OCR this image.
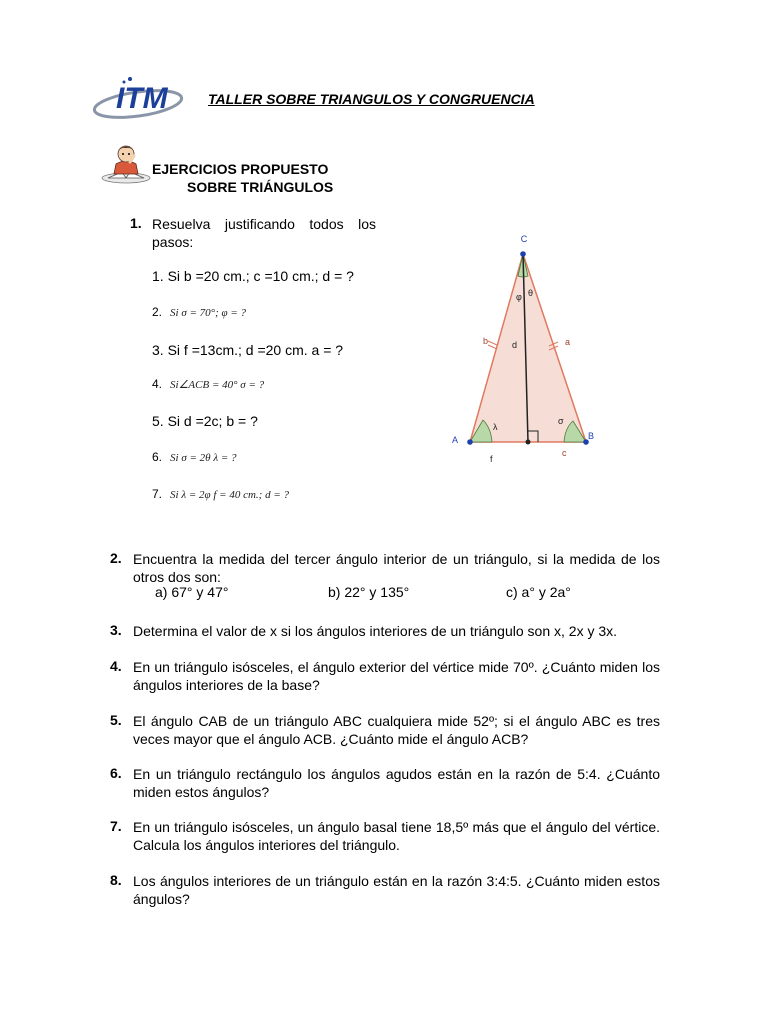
ITM	TALLER SOBRE TRIANGULOS Y CONGRUENCIA
EJERCICIOS PROPUESTO
SOBRE TRIÁNGULOS
1. Resuelva justificando todos los
pasos:
1. Si b =20 cm.; c =10 cm.; d = ?
2. Si σ = 70°; φ = ?
3. Si f =13cm.; d =20 cm. a = ?
4. Si∠ACB = 40° σ = ?
5. Si d =2c; b = ?
6. Si σ = 2θ λ = ?
7. Si λ = 2φ f = 40 cm.; d = ?
C
A	B
b	a
d
f
c
φ θ
λ
σ
2. Encuentra la medida del tercer ángulo interior de un triángulo, si la medida de los otros dos son:
a) 67° y 47°	b) 22° y 135°	c) a° y 2a°
3. Determina el valor de x si los ángulos interiores de un triángulo son x, 2x y 3x.
4. En un triángulo isósceles, el ángulo exterior del vértice mide 70º. ¿Cuánto miden los ángulos interiores de la base?
5. El ángulo CAB de un triángulo ABC cualquiera mide 52º; si el ángulo ABC es tres veces mayor que el ángulo ACB. ¿Cuánto mide el ángulo ACB?
6. En un triángulo rectángulo los ángulos agudos están en la razón de 5:4. ¿Cuánto miden estos ángulos?
7. En un triángulo isósceles, un ángulo basal tiene 18,5º más que el ángulo del vértice. Calcula los ángulos interiores del triángulo.
8. Los ángulos interiores de un triángulo están en la razón 3:4:5. ¿Cuánto miden estos ángulos?
